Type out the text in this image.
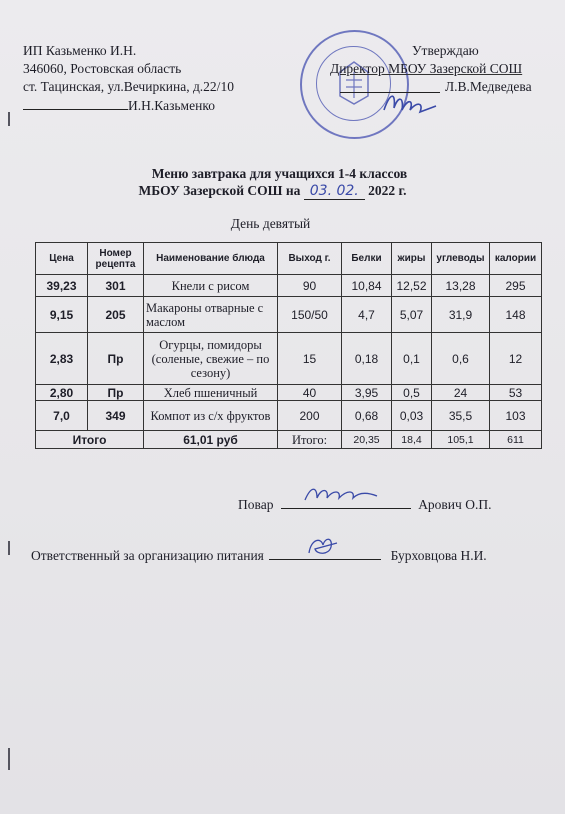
ИП Казьменко И.Н.
346060, Ростовская область
ст. Тацинская, ул.Вечиркина, д.22/10
И.Н.Казьменко
Утверждаю
Директор МБОУ Зазерской СОШ
Л.В.Медведева
Меню завтрака для учащихся 1-4 классов
МБОУ Зазерской СОШ на 03. 02. 2022 г.
День девятый
Цена	Номер рецепта	Наименование блюда	Выход г.	Белки	жиры	углеводы	калории
39,23	301	Кнели с рисом	90	10,84	12,52	13,28	295
9,15	205	Макароны отварные с маслом	150/50	4,7	5,07	31,9	148
2,83	Пр	Огурцы, помидоры (соленые, свежие – по сезону)	15	0,18	0,1	0,6	12
2,80	Пр	Хлеб пшеничный	40	3,95	0,5	24	53
7,0	349	Компот из с/х фруктов	200	0,68	0,03	35,5	103
Итого		61,01 руб	Итого:	20,35	18,4	105,1	611
Повар	Арович О.П.
Ответственный за организацию питания	Бурховцова Н.И.
